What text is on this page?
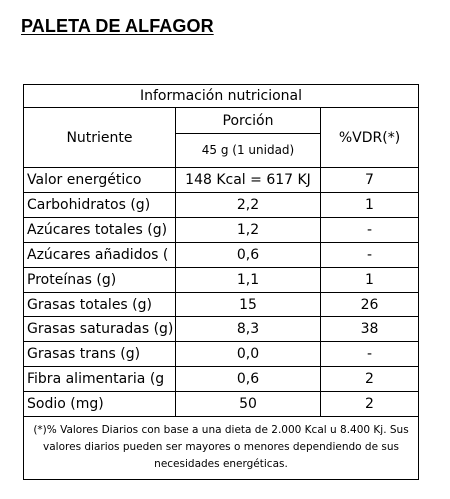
PALETA DE ALFAGOR
Información nutricional		
Nutriente	Porción	%VDR(*)
	45 g (1 unidad)	
Valor energético	148 Kcal = 617 KJ	7
Carbohidratos (g)	2,2	1
Azúcares totales (g)	1,2	-
Azúcares añadidos (	0,6	-
Proteínas (g)	1,1	1
Grasas totales (g)	15	26
Grasas saturadas (g)	8,3	38
Grasas trans (g)	0,0	-
Fibra alimentaria (g	0,6	2
Sodio (mg)	50	2
(*)% Valores Diarios con base a una dieta de 2.000 Kcal u 8.400 Kj. Sus valores diarios pueden ser mayores o menores dependiendo de sus necesidades energéticas.		
